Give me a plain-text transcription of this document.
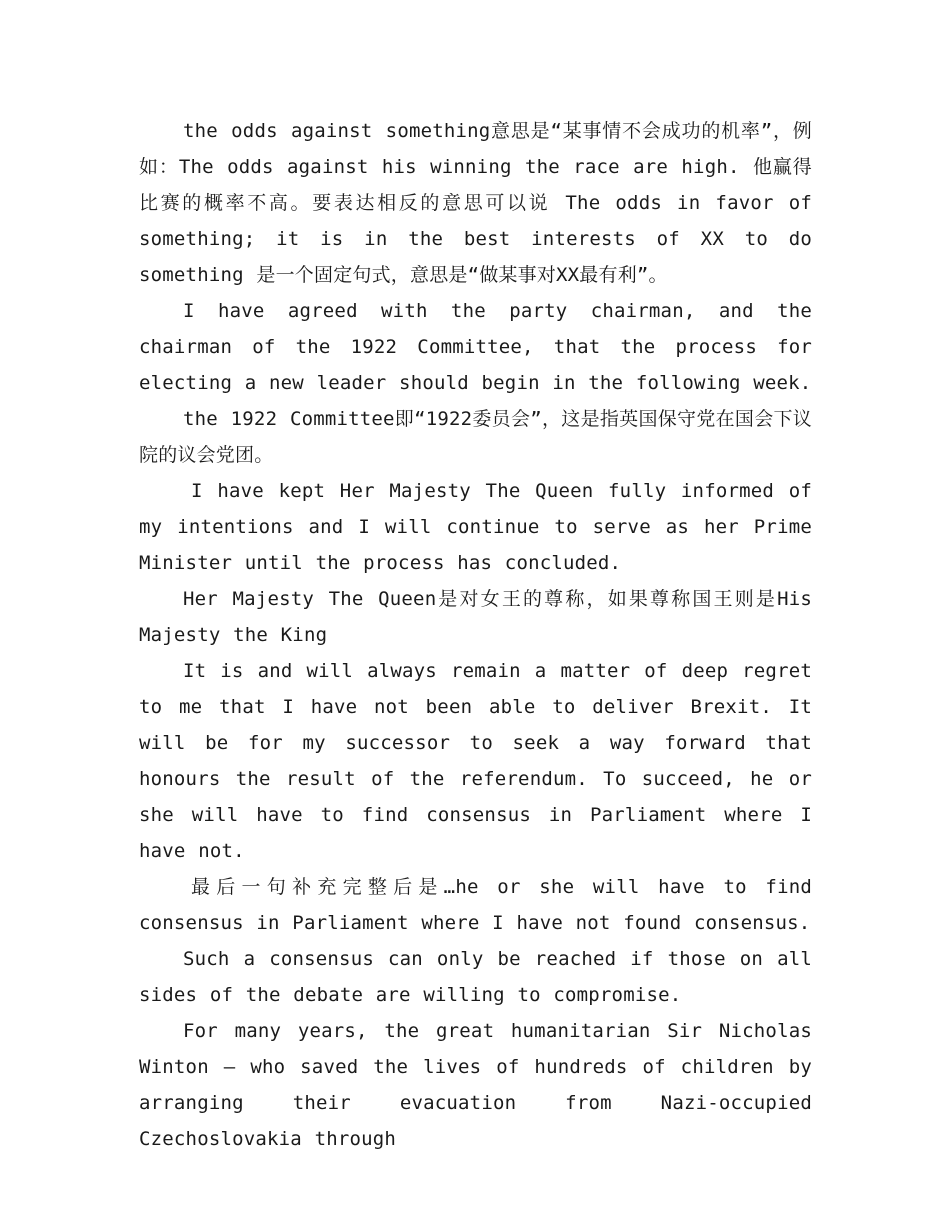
the odds against something意思是“某事情不会成功的机率”，例如：The odds against his winning the race are high. 他赢得比赛的概率不高。要表达相反的意思可以说 The odds in favor of something; it is in the best interests of XX to do something 是一个固定句式，意思是“做某事对XX最有利”。

I have agreed with the party chairman, and the chairman of the 1922 Committee, that the process for electing a new leader should begin in the following week.

the 1922 Committee即“1922委员会”，这是指英国保守党在国会下议院的议会党团。

I have kept Her Majesty The Queen fully informed of my intentions and I will continue to serve as her Prime Minister until the process has concluded.

Her Majesty The Queen是对女王的尊称，如果尊称国王则是His Majesty the King

It is and will always remain a matter of deep regret to me that I have not been able to deliver Brexit. It will be for my successor to seek a way forward that honours the result of the referendum. To succeed, he or she will have to find consensus in Parliament where I have not.

最后一句补充完整后是…he or she will have to find consensus in Parliament where I have not found consensus.

Such a consensus can only be reached if those on all sides of the debate are willing to compromise.

For many years, the great humanitarian Sir Nicholas Winton – who saved the lives of hundreds of children by arranging their evacuation from Nazi-occupied Czechoslovakia through
